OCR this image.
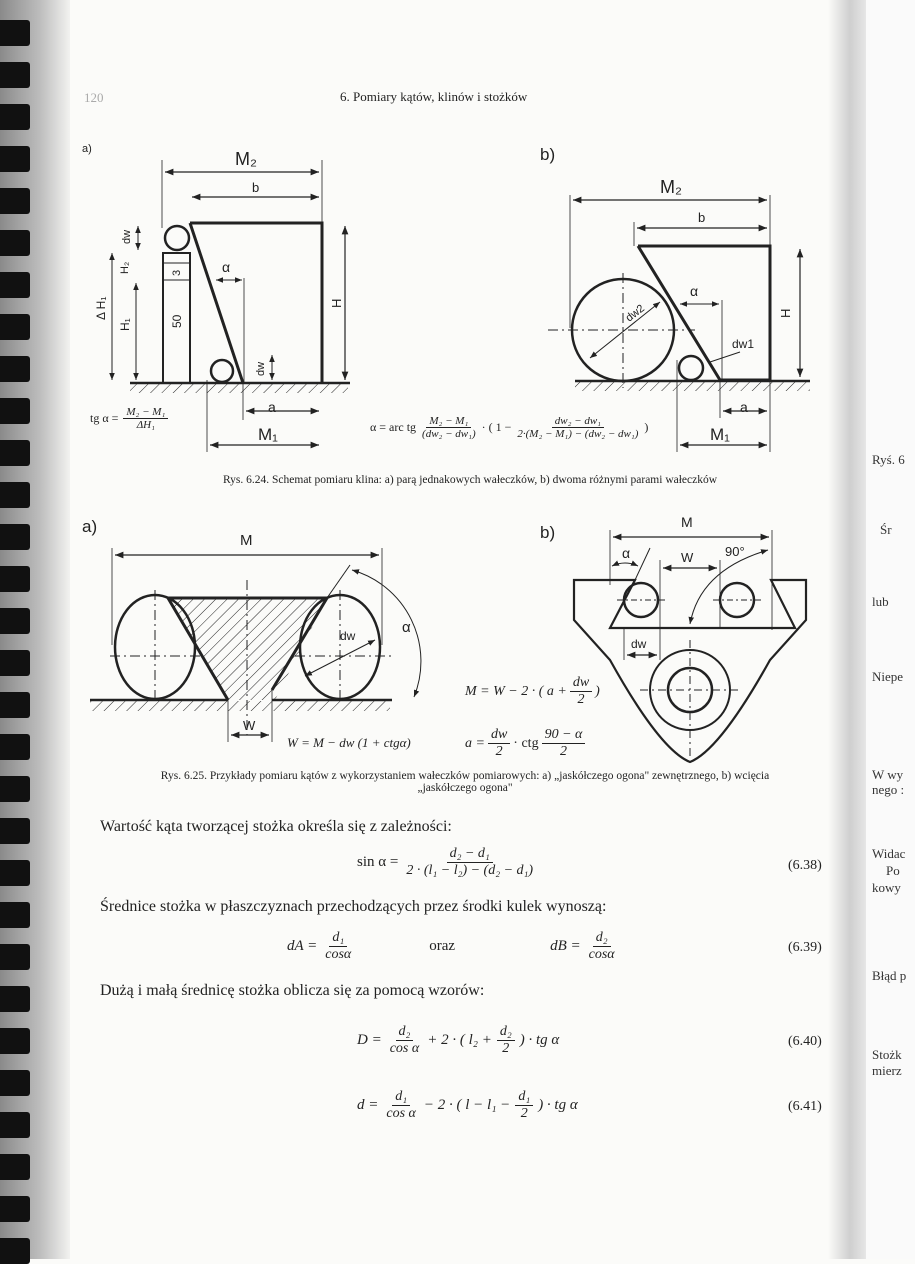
Ryś. 6
Śr
lub
Niepe
W wy
nego :
Widac
Po
kowy
Błąd p
Stożk
mierz
120	6. Pomiary kątów, klinów i stożków
a)	M₂
b
α
H
a
M₁
Δ H₁
H₁
H₂
dw
dw
3
50
b)
M₂
b
α
dw2
dw1
H
a
M₁
tg $\alpha = \frac{\text{M₂ − M₁}}{\text{ΔH₁}}$	α = arc tg $\frac{\text{M₂ − M₁}}{\text{(dw₂ − dw₁)}}$ · ( $1 - \frac{\text{dw₂ − dw₁}}{\text{2·(M₂ − M₁) − (dw₂ − dw₁)}}$ )
Rys. 6.24. Schemat pomiaru klina: a) parą jednakowych wałeczków, b) dwoma różnymi parami wałeczków
a)
M
dw	α
W
b)
M
α	W 90°
dw
W = M − dw (1 + ctgα)
M = W − 2 · ( $a + \frac{dw}{2}$ )
$a = \frac{dw}{2}$ · ctg $\frac{90 - \alpha}{2}$
Rys. 6.25. Przykłady pomiaru kątów z wykorzystaniem wałeczków pomiarowych: a) „jaskółczego ogona" zewnętrznego, b) wcięcia
„jaskółczego ogona"
Wartość kąta tworzącej stożka określa się z zależności:
$\sin \alpha = \frac{\text{d₂ − d₁}}{\text{2 · (l₁ − l₂) − (d₂ − d₁)}}$	(6.38)
Średnice stożka w płaszczyznach przechodzących przez środki kulek wynoszą:
dA = $\frac{\text{d₁}}{\cos\alpha}$	oraz	dB = $\frac{\text{d₂}}{\cos\alpha}$	(6.39)
Dużą i małą średnicę stożka oblicza się za pomocą wzorów:
$D = \frac{\text{d₂}}{\text{cos α}} + 2$ · ( $l_2 + \frac{\text{d₂}}{2}$ ) · tg α	(6.40)
$d = \frac{\text{d₁}}{\text{cos α}} - 2$ · ( $l - l_1 - \frac{\text{d₁}}{2}$ ) · tg α	(6.41)
